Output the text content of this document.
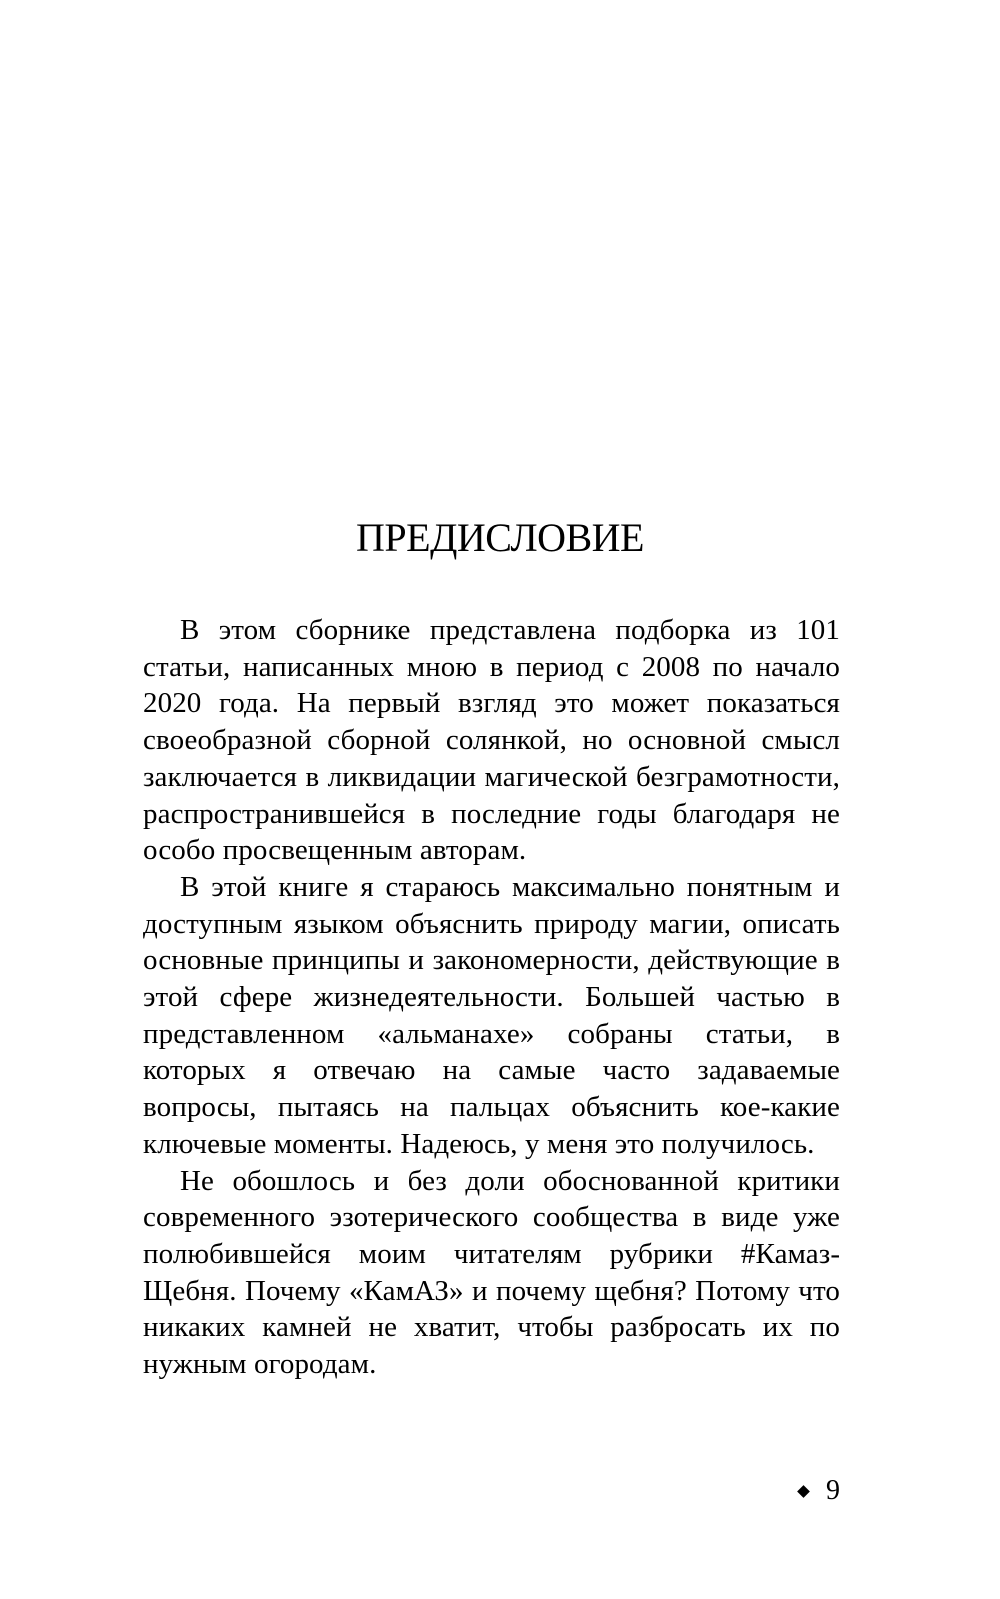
ПРЕДИСЛОВИЕ

В этом сборнике представлена подборка из 101 статьи, написанных мною в период с 2008 по начало 2020 года. На первый взгляд это может показаться своеобразной сборной солянкой, но основной смысл заключается в ликвидации магической безграмотности, распространившейся в последние годы благодаря не особо просвещенным авторам.

В этой книге я стараюсь максимально понятным и доступным языком объяснить природу магии, описать основные принципы и закономерности, действующие в этой сфере жизнедеятельности. Большей частью в представленном «альманахе» собраны статьи, в которых я отвечаю на самые часто задаваемые вопросы, пытаясь на пальцах объяснить кое-какие ключевые моменты. Надеюсь, у меня это получилось.

Не обошлось и без доли обоснованной критики современного эзотерического сообщества в виде уже полюбившейся моим читателям рубрики #КамазЩебня. Почему «КамАЗ» и почему щебня? Потому что никаких камней не хватит, чтобы разбросать их по нужным огородам.

9
